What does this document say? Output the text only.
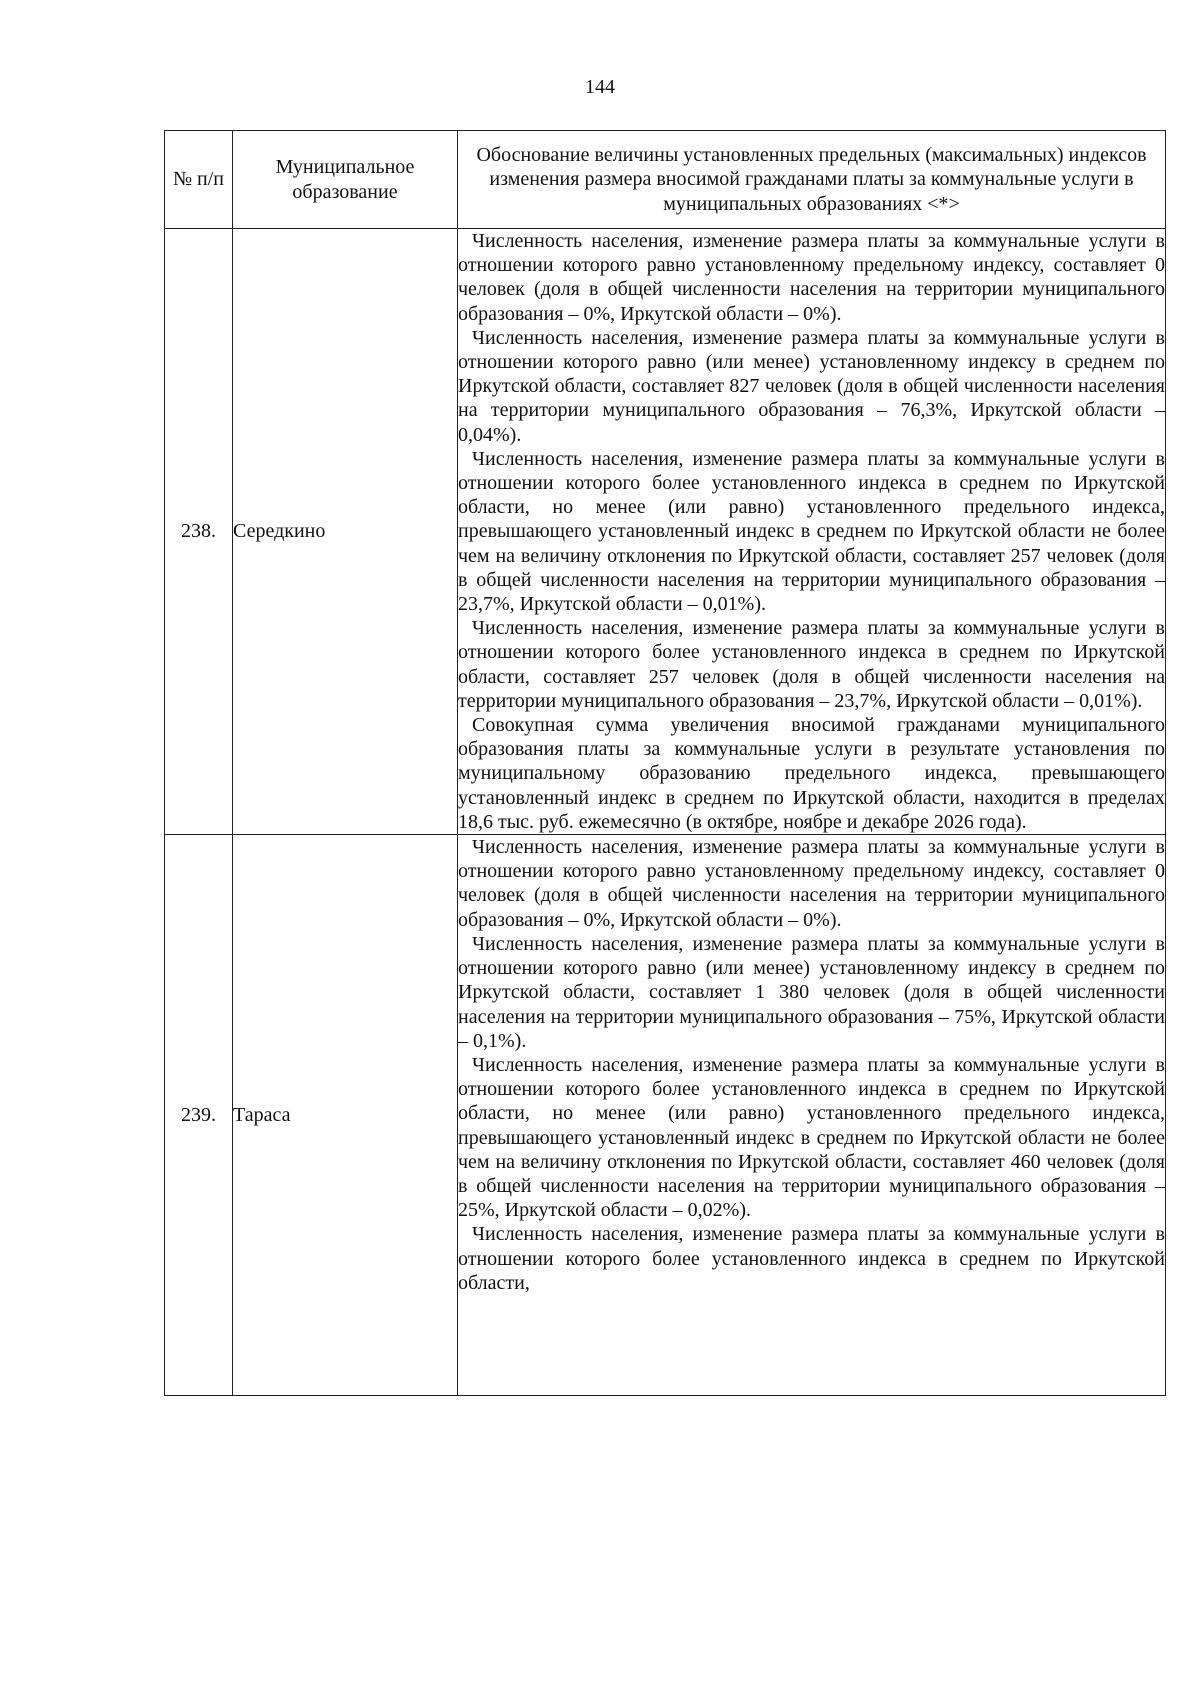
144
№ п/п	Муниципальное образование	Обоснование величины установленных предельных (максимальных) индексов изменения размера вносимой гражданами платы за коммунальные услуги в муниципальных образованиях <*>
238.	Середкино	Численность населения, изменение размера платы за коммунальные услуги в отношении которого равно установленному предельному индексу, составляет 0 человек (доля в общей численности населения на территории муниципального образования – 0%, Иркутской области – 0%).

Численность населения, изменение размера платы за коммунальные услуги в отношении которого равно (или менее) установленному индексу в среднем по Иркутской области, составляет 827 человек (доля в общей численности населения на территории муниципального образования – 76,3%, Иркутской области – 0,04%).

Численность населения, изменение размера платы за коммунальные услуги в отношении которого более установленного индекса в среднем по Иркутской области, но менее (или равно) установленного предельного индекса, превышающего установленный индекс в среднем по Иркутской области не более чем на величину отклонения по Иркутской области, составляет 257 человек (доля в общей численности населения на территории муниципального образования – 23,7%, Иркутской области – 0,01%).

Численность населения, изменение размера платы за коммунальные услуги в отношении которого более установленного индекса в среднем по Иркутской области, составляет 257 человек (доля в общей численности населения на территории муниципального образования – 23,7%, Иркутской области – 0,01%).

Совокупная сумма увеличения вносимой гражданами муниципального образования платы за коммунальные услуги в результате установления по муниципальному образованию предельного индекса, превышающего установленный индекс в среднем по Иркутской области, находится в пределах 18,6 тыс. руб. ежемесячно (в октябре, ноябре и декабре 2026 года).

239.	Тараса	Численность населения, изменение размера платы за коммунальные услуги в отношении которого равно установленному предельному индексу, составляет 0 человек (доля в общей численности населения на территории муниципального образования – 0%, Иркутской области – 0%).

Численность населения, изменение размера платы за коммунальные услуги в отношении которого равно (или менее) установленному индексу в среднем по Иркутской области, составляет 1 380 человек (доля в общей численности населения на территории муниципального образования – 75%, Иркутской области – 0,1%).

Численность населения, изменение размера платы за коммунальные услуги в отношении которого более установленного индекса в среднем по Иркутской области, но менее (или равно) установленного предельного индекса, превышающего установленный индекс в среднем по Иркутской области не более чем на величину отклонения по Иркутской области, составляет 460 человек (доля в общей численности населения на территории муниципального образования – 25%, Иркутской области – 0,02%).

Численность населения, изменение размера платы за коммунальные услуги в отношении которого более установленного индекса в среднем по Иркутской области,
